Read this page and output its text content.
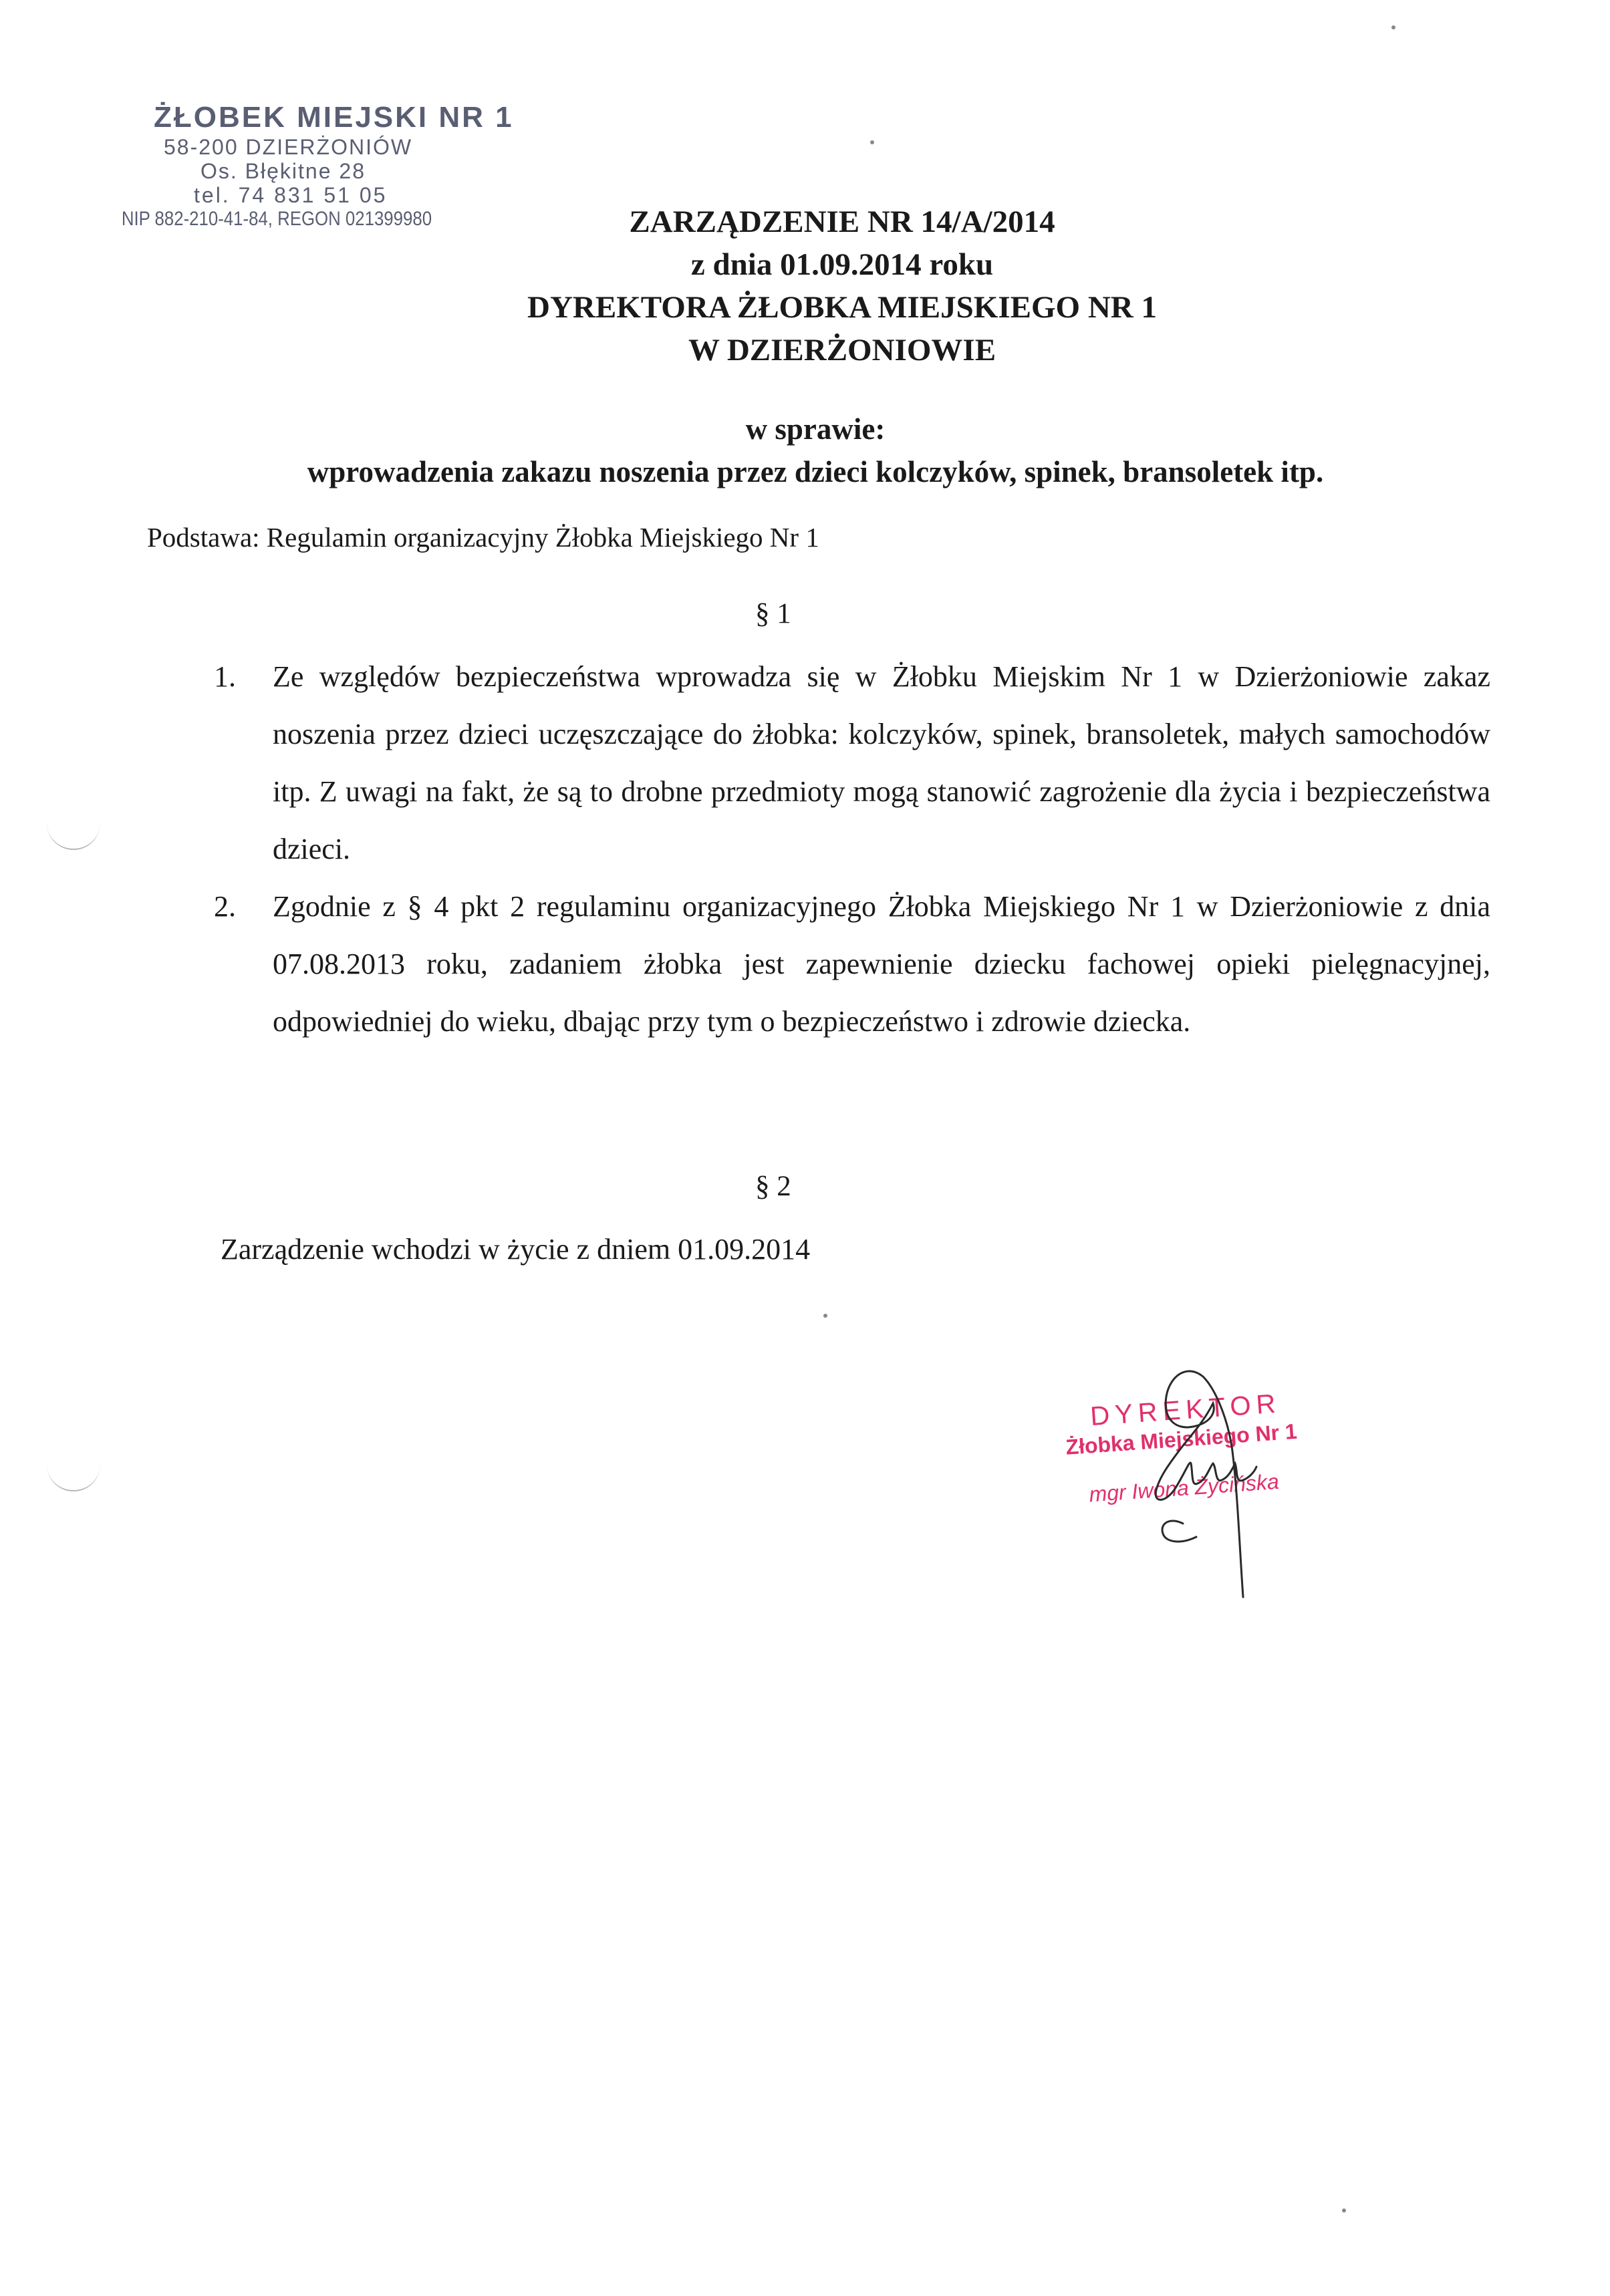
ŻŁOBEK MIEJSKI NR 1
58-200 DZIERŻONIÓW
Os. Błękitne 28
tel. 74 831 51 05
NIP 882-210-41-84, REGON 021399980	ZARZĄDZENIE NR 14/A/2014
z dnia 01.09.2014 roku
DYREKTORA ŻŁOBKA MIEJSKIEGO NR 1
W DZIERŻONIOWIE
w sprawie:
wprowadzenia zakazu noszenia przez dzieci kolczyków, spinek, bransoletek itp.
Podstawa: Regulamin organizacyjny Żłobka Miejskiego Nr 1
§ 1
1.	Ze względów bezpieczeństwa wprowadza się w Żłobku Miejskim Nr 1 w Dzierżoniowie zakaz noszenia przez dzieci uczęszczające do żłobka: kolczyków, spinek, bransoletek, małych samochodów itp. Z uwagi na fakt, że są to drobne przedmioty mogą stanowić zagrożenie dla życia i bezpieczeństwa dzieci.
2.	Zgodnie z § 4 pkt 2 regulaminu organizacyjnego Żłobka Miejskiego Nr 1 w Dzierżoniowie z dnia 07.08.2013 roku, zadaniem żłobka jest zapewnienie dziecku fachowej opieki pielęgnacyjnej, odpowiedniej do wieku, dbając przy tym o bezpieczeństwo i zdrowie dziecka.
§ 2
Zarządzenie wchodzi w życie z dniem 01.09.2014
DYREKTOR
Żłobka Miejskiego Nr 1
mgr Iwona Życińska
